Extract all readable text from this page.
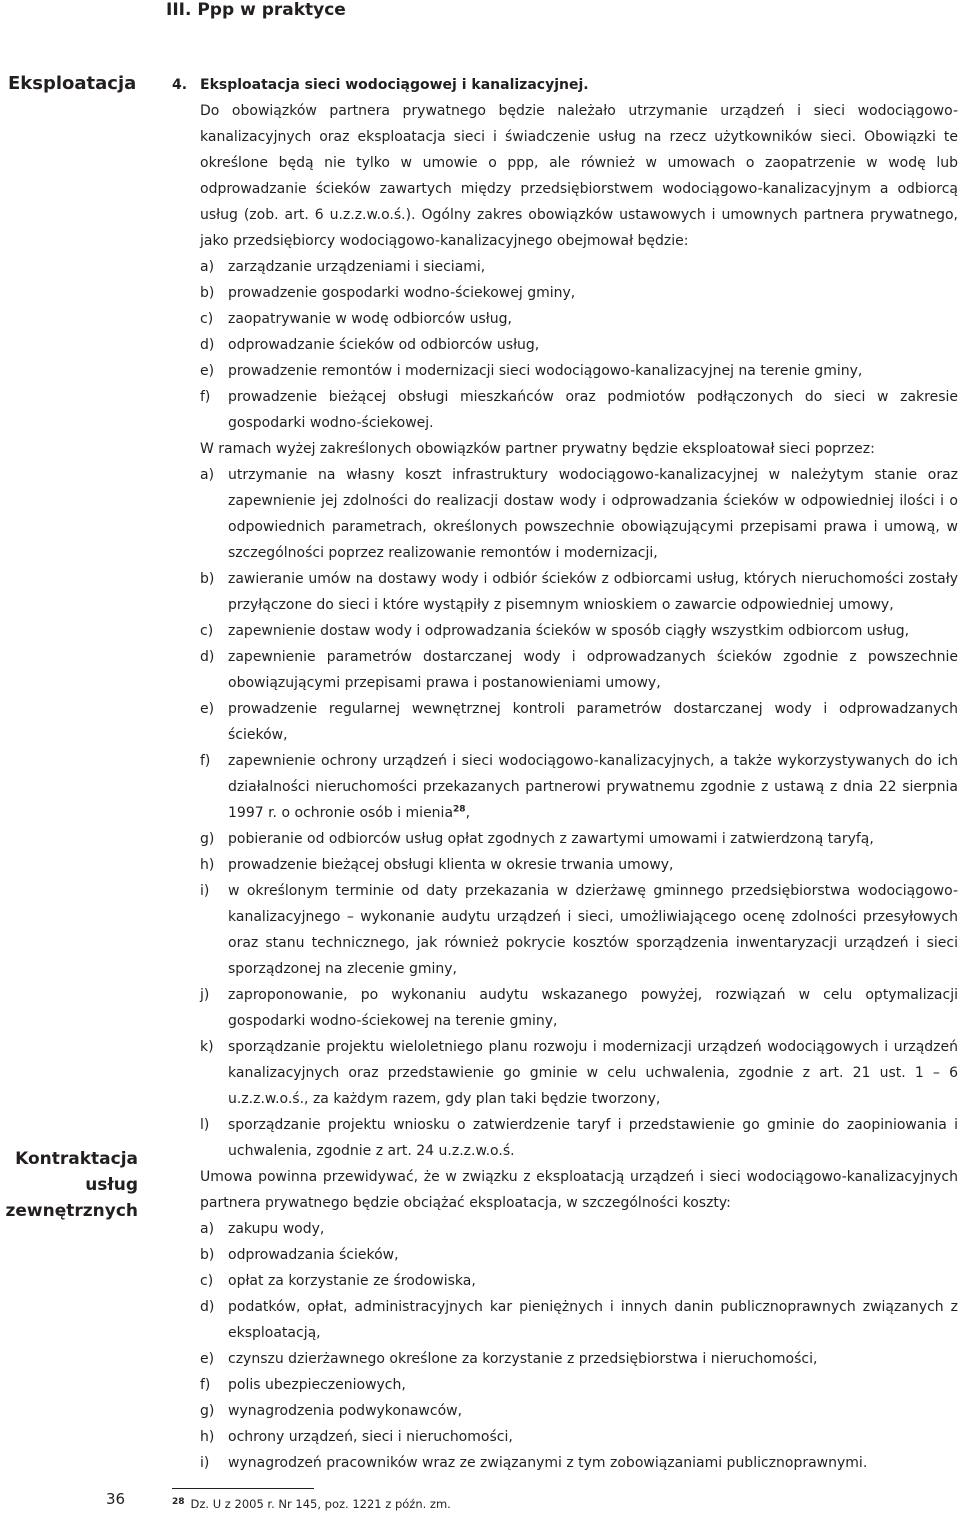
III. Ppp w praktyce
Eksploatacja
Kontraktacja
usług
zewnętrznych

4. Eksploatacja sieci wodociągowej i kanalizacyjnej.

Do obowiązków partnera prywatnego będzie należało utrzymanie urządzeń i sieci wodociągowo-kanalizacyjnych oraz eksploatacja sieci i świadczenie usług na rzecz użytkowników sieci. Obowiązki te określone będą nie tylko w umowie o ppp, ale również w umowach o zaopatrzenie w wodę lub odprowadzanie ścieków zawartych między przedsiębiorstwem wodociągowo-kanalizacyjnym a odbiorcą usług (zob. art. 6 u.z.z.w.o.ś.). Ogólny zakres obowiązków ustawowych i umownych partnera prywatnego, jako przedsiębiorcy wodociągowo-kanalizacyjnego obejmował będzie:

a) zarządzanie urządzeniami i sieciami,
b) prowadzenie gospodarki wodno-ściekowej gminy,
c) zaopatrywanie w wodę odbiorców usług,
d) odprowadzanie ścieków od odbiorców usług,
e) prowadzenie remontów i modernizacji sieci wodociągowo-kanalizacyjnej na terenie gminy,
f) prowadzenie bieżącej obsługi mieszkańców oraz podmiotów podłączonych do sieci w zakresie gospodarki wodno-ściekowej.

W ramach wyżej zakreślonych obowiązków partner prywatny będzie eksploatował sieci poprzez:

a) utrzymanie na własny koszt infrastruktury wodociągowo-kanalizacyjnej w należytym stanie oraz zapewnienie jej zdolności do realizacji dostaw wody i odprowadzania ścieków w odpowiedniej ilości i o odpowiednich parametrach, określonych powszechnie obowiązującymi przepisami prawa i umową, w szczególności poprzez realizowanie remontów i modernizacji,
b) zawieranie umów na dostawy wody i odbiór ścieków z odbiorcami usług, których nieruchomości zostały przyłączone do sieci i które wystąpiły z pisemnym wnioskiem o zawarcie odpowiedniej umowy,
c) zapewnienie dostaw wody i odprowadzania ścieków w sposób ciągły wszystkim odbiorcom usług,
d) zapewnienie parametrów dostarczanej wody i odprowadzanych ścieków zgodnie z powszechnie obowiązującymi przepisami prawa i postanowieniami umowy,
e) prowadzenie regularnej wewnętrznej kontroli parametrów dostarczanej wody i odprowadzanych ścieków,
f) zapewnienie ochrony urządzeń i sieci wodociągowo-kanalizacyjnych, a także wykorzystywanych do ich działalności nieruchomości przekazanych partnerowi prywatnemu zgodnie z ustawą z dnia 22 sierpnia 1997 r. o ochronie osób i mienia$^{28}$,
g) pobieranie od odbiorców usług opłat zgodnych z zawartymi umowami i zatwierdzoną taryfą,
h) prowadzenie bieżącej obsługi klienta w okresie trwania umowy,
i) w określonym terminie od daty przekazania w dzierżawę gminnego przedsiębiorstwa wodociągowo-kanalizacyjnego – wykonanie audytu urządzeń i sieci, umożliwiającego ocenę zdolności przesyłowych oraz stanu technicznego, jak również pokrycie kosztów sporządzenia inwentaryzacji urządzeń i sieci sporządzonej na zlecenie gminy,
j) zaproponowanie, po wykonaniu audytu wskazanego powyżej, rozwiązań w celu optymalizacji gospodarki wodno-ściekowej na terenie gminy,
k) sporządzanie projektu wieloletniego planu rozwoju i modernizacji urządzeń wodociągowych i urządzeń kanalizacyjnych oraz przedstawienie go gminie w celu uchwalenia, zgodnie z art. 21 ust. 1 – 6 u.z.z.w.o.ś., za każdym razem, gdy plan taki będzie tworzony,
l) sporządzanie projektu wniosku o zatwierdzenie taryf i przedstawienie go gminie do zaopiniowania i uchwalenia, zgodnie z art. 24 u.z.z.w.o.ś.

Umowa powinna przewidywać, że w związku z eksploatacją urządzeń i sieci wodociągowo-kanalizacyjnych partnera prywatnego będzie obciążać eksploatacja, w szczególności koszty:

a) zakupu wody,
b) odprowadzania ścieków,
c) opłat za korzystanie ze środowiska,
d) podatków, opłat, administracyjnych kar pieniężnych i innych danin publicznoprawnych związanych z eksploatacją,
e) czynszu dzierżawnego określone za korzystanie z przedsiębiorstwa i nieruchomości,
f) polis ubezpieczeniowych,
g) wynagrodzenia podwykonawców,
h) ochrony urządzeń, sieci i nieruchomości,
i) wynagrodzeń pracowników wraz ze związanymi z tym zobowiązaniami publicznoprawnymi.
36	$^{28}$ Dz. U z 2005 r. Nr 145, poz. 1221 z późn. zm.
